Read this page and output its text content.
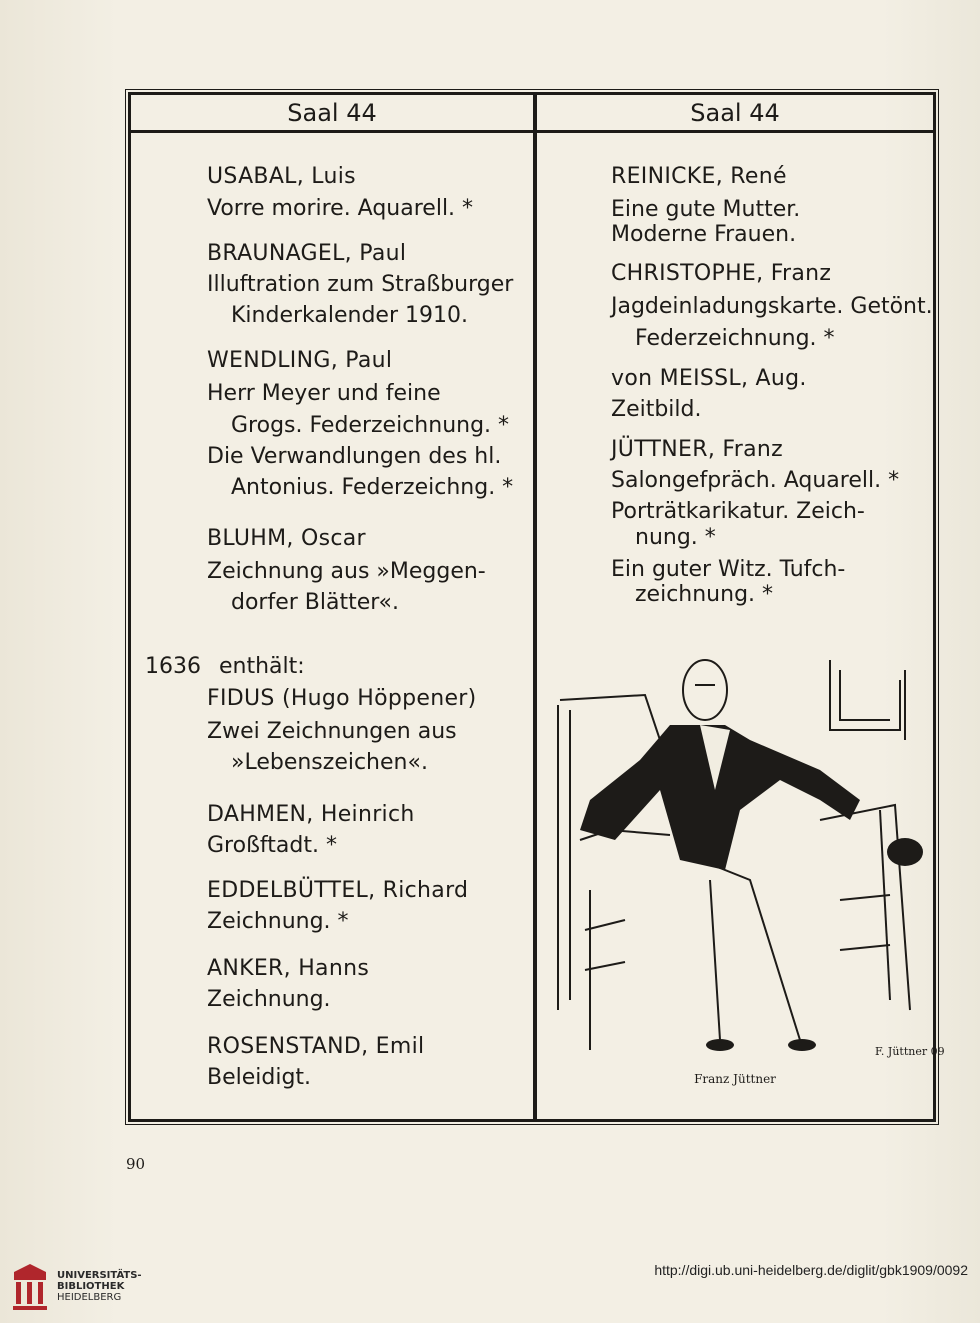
Saal 44	Saal 44
USABAL, Luis
Vorre morire. Aquarell. *
BRAUNAGEL, Paul
Illuftration zum Straßburger
Kinderkalender 1910.
WENDLING, Paul
Herr Meyer und feine
Grogs. Federzeichnung. *
Die Verwandlungen des hl.
Antonius. Federzeichng. *
BLUHM, Oscar
Zeichnung aus »Meggen-
dorfer Blätter«.
1636 enthält:
FIDUS (Hugo Höppener)
Zwei Zeichnungen aus
»Lebenszeichen«.
DAHMEN, Heinrich
Großftadt. *
EDDELBÜTTEL, Richard
Zeichnung. *
ANKER, Hanns
Zeichnung.
ROSENSTAND, Emil
Beleidigt.
REINICKE, René
Eine gute Mutter.
Moderne Frauen.
CHRISTOPHE, Franz
Jagdeinladungskarte. Getönt.
Federzeichnung. *
von MEISSL, Aug.
Zeitbild.
JÜTTNER, Franz
Salongefpräch. Aquarell. *
Porträtkarikatur. Zeich-
nung. *
Ein guter Witz. Tufch-
zeichnung. *
F. Jüttner 09
Franz Jüttner
90
UNIVERSITÄTS-
BIBLIOTHEK
HEIDELBERG
http://digi.ub.uni-heidelberg.de/diglit/gbk1909/0092
